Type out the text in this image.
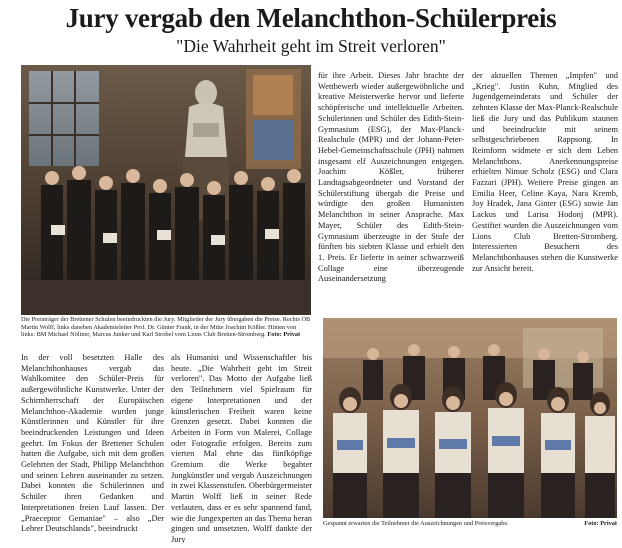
Jury vergab den Melanchthon-Schülerpreis
"Die Wahrheit geht im Streit verloren"
Die Preisträger der Brettener Schulen beeindruckten die Jury. Mitglieder der Jury übergaben die Preise. Rechts OB Martin Wolff, links daneben Akademieleiter Prof. Dr. Günter Frank, in der Mitte Joachim Kößler. Hinten von links: BM Michael Nöltner, Marcus Junker und Karl Strobel vom Lions Club Bretten-Stromberg. Foto: Privat

In der voll besetzten Halle des Melanchthonhauses vergab das Wahlkomitee den Schüler-Preis für außergewöhnliche Kunstwerke. Unter der Schirmherrschaft der Europäischen Melanchthon-Akademie wurden junge Künstlerinnen und Künstler für ihre beeindruckenden Leistungen und Ideen geehrt. Im Fokus der Brettener Schulen hatten die Aufgabe, sich mit dem großen Gelehrten der Stadt, Philipp Melanchthon und seinen Lehren auseinander zu setzen. Dabei konnten die Schülerinnen und Schüler ihren Gedanken und Interpretationen freien Lauf lassen. Der „Praeceptor Gemaniae" – also „Der Lehrer Deutschlands", beeindruckt

als Humanist und Wissenschaftler bis heute. „Die Wahrheit geht im Streit verloren". Das Motto der Aufgabe ließ den Teilnehmern viel Spielraum für eigene Interpretationen und der künstlerischen Freiheit waren keine Grenzen gesetzt. Dabei konnten die Arbeiten in Form von Malerei, Collage oder Fotografie erfolgen. Bereits zum vierten Mal ehrte das fünfköpfige Gremium die Werke begabter Jungkünstler und vergab Auszeichnungen in zwei Klassenstufen. Oberbürgermeister Martin Wolff ließ in seiner Rede verlauten, dass er es sehr spannend fand, wie die Jungexperten an das Thema heran gingen und umsetzten. Wolff dankte der Jury

für ihre Arbeit. Dieses Jahr brachte der Wettbewerb wieder außergewöhnliche und kreative Meisterwerke hervor und lieferte schöpferische und intellektuelle Arbeiten. Schülerinnen und Schüler des Edith-Stein-Gymnasium (ESG), der Max-Planck-Realschule (MPR) und der Johann-Peter-Hebel-Gemeinschaftsschule (JPH) nahmen insgesamt elf Auszeichnungen entgegen. Joachim Kößler, früherer Landtagsabgeordneter und Vorstand der Schülerstiftung übergab die Preise und würdigte den großen Humanisten Melanchthon in seiner Ansprache. Max Mayer, Schüler des Edith-Stein-Gymnasium überzeugte in der Stufe der fünften bis siebten Klasse und erhielt den 1. Preis. Er lieferte in seiner schwarzweiß Collage eine überzeugende Auseinandersetzung

der aktuellen Themen „Impfen" und „Krieg". Justin Kuhn, Mitglied des Jugendgemeinderats und Schüler der zehnten Klasse der Max-Planck-Realschule ließ die Jury und das Publikum staunen und beeindruckte mit seinem selbstgeschriebenen Rappsong. In Reimform widmete er sich dem Leben Melanchthons. Anerkennungspreise erhielten Nimue Scholz (ESG) und Clara Fazzari (JPH). Weitere Preise gingen an Emilia Heer, Celine Kaya, Nara Kremb, Joy Hradek, Jana Ginter (ESG) sowie Jan Lackus und Larisa Hodonj (MPR). Gestiftet wurden die Auszeichnungen vom Lions Club Bretten-Stromberg. Interessierten Besuchern des Melanchthonhauses stehen die Kunstwerke zur Ansicht bereit.

Gespannt erwarten die Teilnehmer die Auszeichnungen und Preisvergabe.	Foto: Privat
